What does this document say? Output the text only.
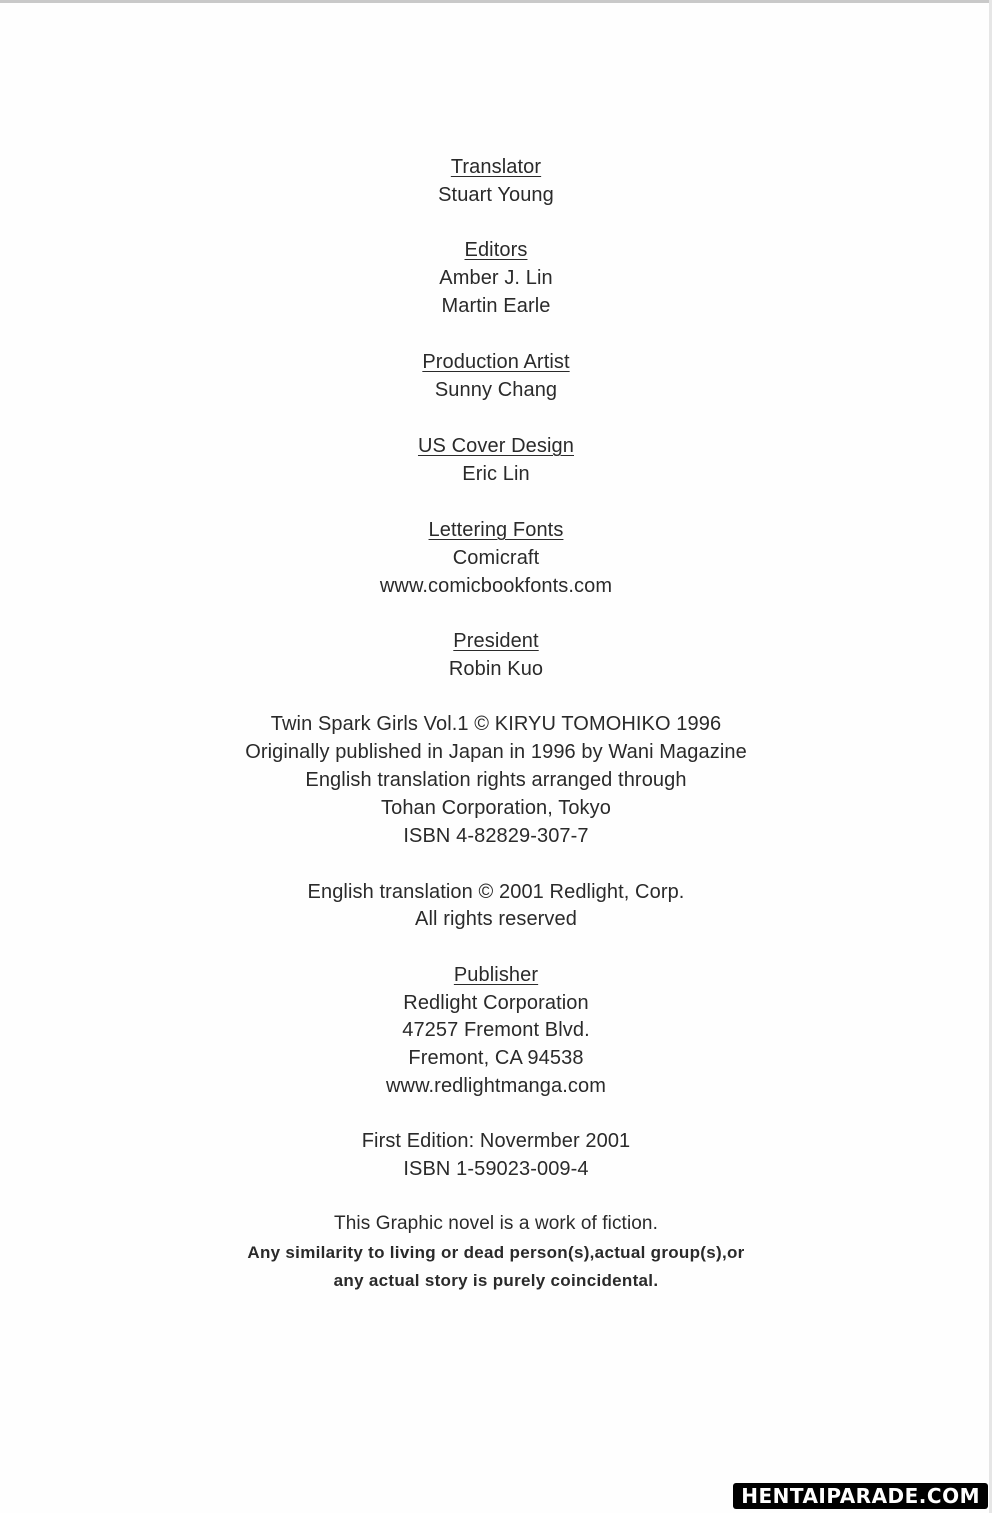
Translator
Stuart Young
Editors
Amber J. Lin
Martin Earle
Production Artist
Sunny Chang
US Cover Design
Eric Lin
Lettering Fonts
Comicraft
www.comicbookfonts.com
President
Robin Kuo
Twin Spark Girls Vol.1 © KIRYU TOMOHIKO 1996
Originally published in Japan in 1996 by Wani Magazine
English translation rights arranged through
Tohan Corporation, Tokyo
ISBN 4-82829-307-7
English translation © 2001 Redlight, Corp.
All rights reserved
Publisher
Redlight Corporation
47257 Fremont Blvd.
Fremont, CA 94538
www.redlightmanga.com
First Edition: Novermber 2001
ISBN 1-59023-009-4
This Graphic novel is a work of fiction.
Any similarity to living or dead person(s),actual group(s),or
any actual story is purely coincidental.
HENTAIPARADE.COM
